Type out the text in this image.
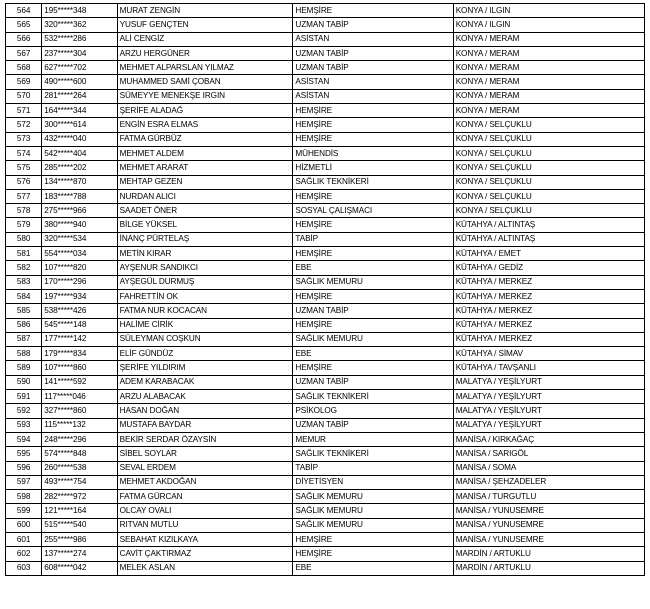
564	195*****348	MURAT ZENGİN	HEMŞİRE	KONYA / ILGIN
565	320*****362	YUSUF GENÇTEN	UZMAN TABİP	KONYA / ILGIN
566	532*****286	ALİ CENGİZ	ASİSTAN	KONYA / MERAM
567	237*****304	ARZU HERGÜNER	UZMAN TABİP	KONYA / MERAM
568	627*****702	MEHMET ALPARSLAN YILMAZ	UZMAN TABİP	KONYA / MERAM
569	490*****600	MUHAMMED SAMİ ÇOBAN	ASİSTAN	KONYA / MERAM
570	281*****264	SÜMEYYE MENEKŞE IRGIN	ASİSTAN	KONYA / MERAM
571	164*****344	ŞERİFE ALADAĞ	HEMŞİRE	KONYA / MERAM
572	300*****614	ENGİN ESRA ELMAS	HEMŞİRE	KONYA / SELÇUKLU
573	432*****040	FATMA GÜRBÜZ	HEMŞİRE	KONYA / SELÇUKLU
574	542*****404	MEHMET ALDEM	MÜHENDİS	KONYA / SELÇUKLU
575	285*****202	MEHMET ARARAT	HİZMETLİ	KONYA / SELÇUKLU
576	134*****870	MEHTAP GEZEN	SAĞLIK TEKNİKERİ	KONYA / SELÇUKLU
577	183*****788	NURDAN ALICI	HEMŞİRE	KONYA / SELÇUKLU
578	275*****966	SAADET ÖNER	SOSYAL ÇALIŞMACI	KONYA / SELÇUKLU
579	380*****940	BİLGE YÜKSEL	HEMŞİRE	KÜTAHYA / ALTINTAŞ
580	320*****534	İNANÇ PÜRTELAŞ	TABİP	KÜTAHYA / ALTINTAŞ
581	554*****034	METİN KIRAR	HEMŞİRE	KÜTAHYA / EMET
582	107*****820	AYŞENUR SANDIKCI	EBE	KÜTAHYA / GEDİZ
583	170*****296	AYŞEGÜL DURMUŞ	SAĞLIK MEMURU	KÜTAHYA / MERKEZ
584	197*****934	FAHRETTİN OK	HEMŞİRE	KÜTAHYA / MERKEZ
585	538*****426	FATMA NUR KOCACAN	UZMAN TABİP	KÜTAHYA / MERKEZ
586	545*****148	HALİME CİRİK	HEMŞİRE	KÜTAHYA / MERKEZ
587	177*****142	SÜLEYMAN COŞKUN	SAĞLIK MEMURU	KÜTAHYA / MERKEZ
588	179*****834	ELİF GÜNDÜZ	EBE	KÜTAHYA / SİMAV
589	107*****860	ŞERİFE YILDIRIM	HEMŞİRE	KÜTAHYA / TAVŞANLI
590	141*****592	ADEM KARABACAK	UZMAN TABİP	MALATYA / YEŞİLYURT
591	117*****046	ARZU ALABACAK	SAĞLIK TEKNİKERİ	MALATYA / YEŞİLYURT
592	327*****860	HASAN DOĞAN	PSİKOLOG	MALATYA / YEŞİLYURT
593	115*****132	MUSTAFA BAYDAR	UZMAN TABİP	MALATYA / YEŞİLYURT
594	248*****296	BEKİR SERDAR ÖZAYSİN	MEMUR	MANİSA / KIRKAĞAÇ
595	574*****848	SİBEL SOYLAR	SAĞLIK TEKNİKERİ	MANİSA / SARIGÖL
596	260*****538	SEVAL ERDEM	TABİP	MANİSA / SOMA
597	493*****754	MEHMET AKDOĞAN	DİYETİSYEN	MANİSA / ŞEHZADELER
598	282*****972	FATMA GÜRCAN	SAĞLIK MEMURU	MANİSA / TURGUTLU
599	121*****164	OLCAY OVALI	SAĞLIK MEMURU	MANİSA / YUNUSEMRE
600	515*****540	RITVAN MUTLU	SAĞLIK MEMURU	MANİSA / YUNUSEMRE
601	255*****986	SEBAHAT KIZILKAYA	HEMŞİRE	MANİSA / YUNUSEMRE
602	137*****274	CAVİT ÇAKTIRMAZ	HEMŞİRE	MARDİN / ARTUKLU
603	608*****042	MELEK ASLAN	EBE	MARDİN / ARTUKLU
